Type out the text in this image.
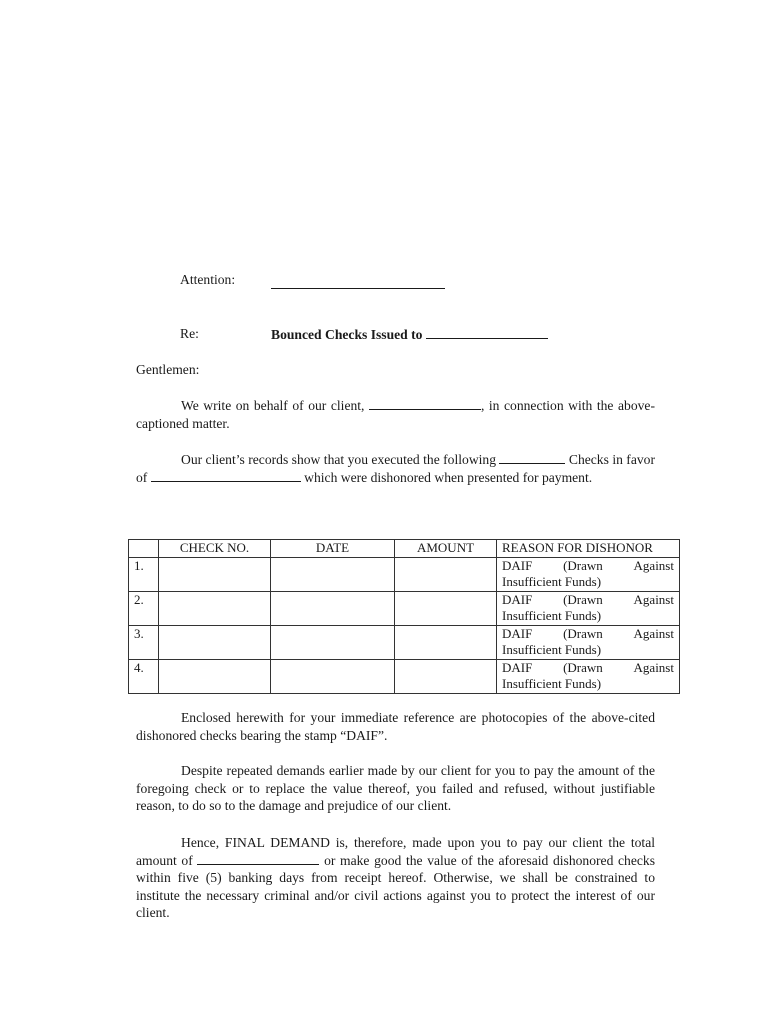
Attention:
Re:	Bounced Checks Issued to
Gentlemen:

We write on behalf of our client,	, in connection with the above-captioned matter.

Our client’s records show that you executed the following	Checks in favor of	which were dishonored when presented for payment.

	CHECK NO.	DATE	AMOUNT	REASON FOR DISHONOR
1.				DAIF (Drawn Against
Insufficient Funds)

2.				DAIF (Drawn Against
Insufficient Funds)

3.				DAIF (Drawn Against
Insufficient Funds)

4.				DAIF (Drawn Against
Insufficient Funds)

Enclosed herewith for your immediate reference are photocopies of the above-cited dishonored checks bearing the stamp “DAIF”.

Despite repeated demands earlier made by our client for you to pay the amount of the foregoing check or to replace the value thereof, you failed and refused, without justifiable reason, to do so to the damage and prejudice of our client.

Hence, FINAL DEMAND is, therefore, made upon you to pay our client the total amount of	or make good the value of the aforesaid dishonored checks within five (5) banking days from receipt hereof. Otherwise, we shall be constrained to institute the necessary criminal and/or civil actions against you to protect the interest of our client.
